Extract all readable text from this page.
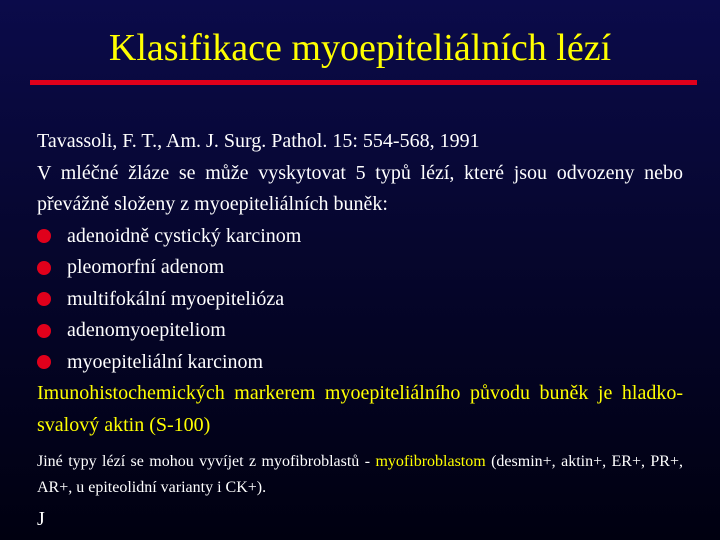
Klasifikace myoepiteliálních lézí
Tavassoli, F. T., Am. J. Surg. Pathol. 15: 554-568, 1991
V mléčné žláze se může vyskytovat 5 typů lézí, které jsou odvozeny nebo převážně složeny z myoepiteliálních buněk:
adenoidně cystický karcinom
pleomorfní adenom
multifokální myoepitelióza
adenomyoepiteliom
myoepiteliální karcinom
Imunohistochemických markerem myoepiteliálního původu buněk je hladko-svalový aktin (S-100)
Jiné typy lézí se mohou vyvíjet z myofibroblastů - myofibroblastom (desmin+, aktin+, ER+, PR+, AR+, u epiteolidní varianty i CK+).
J
